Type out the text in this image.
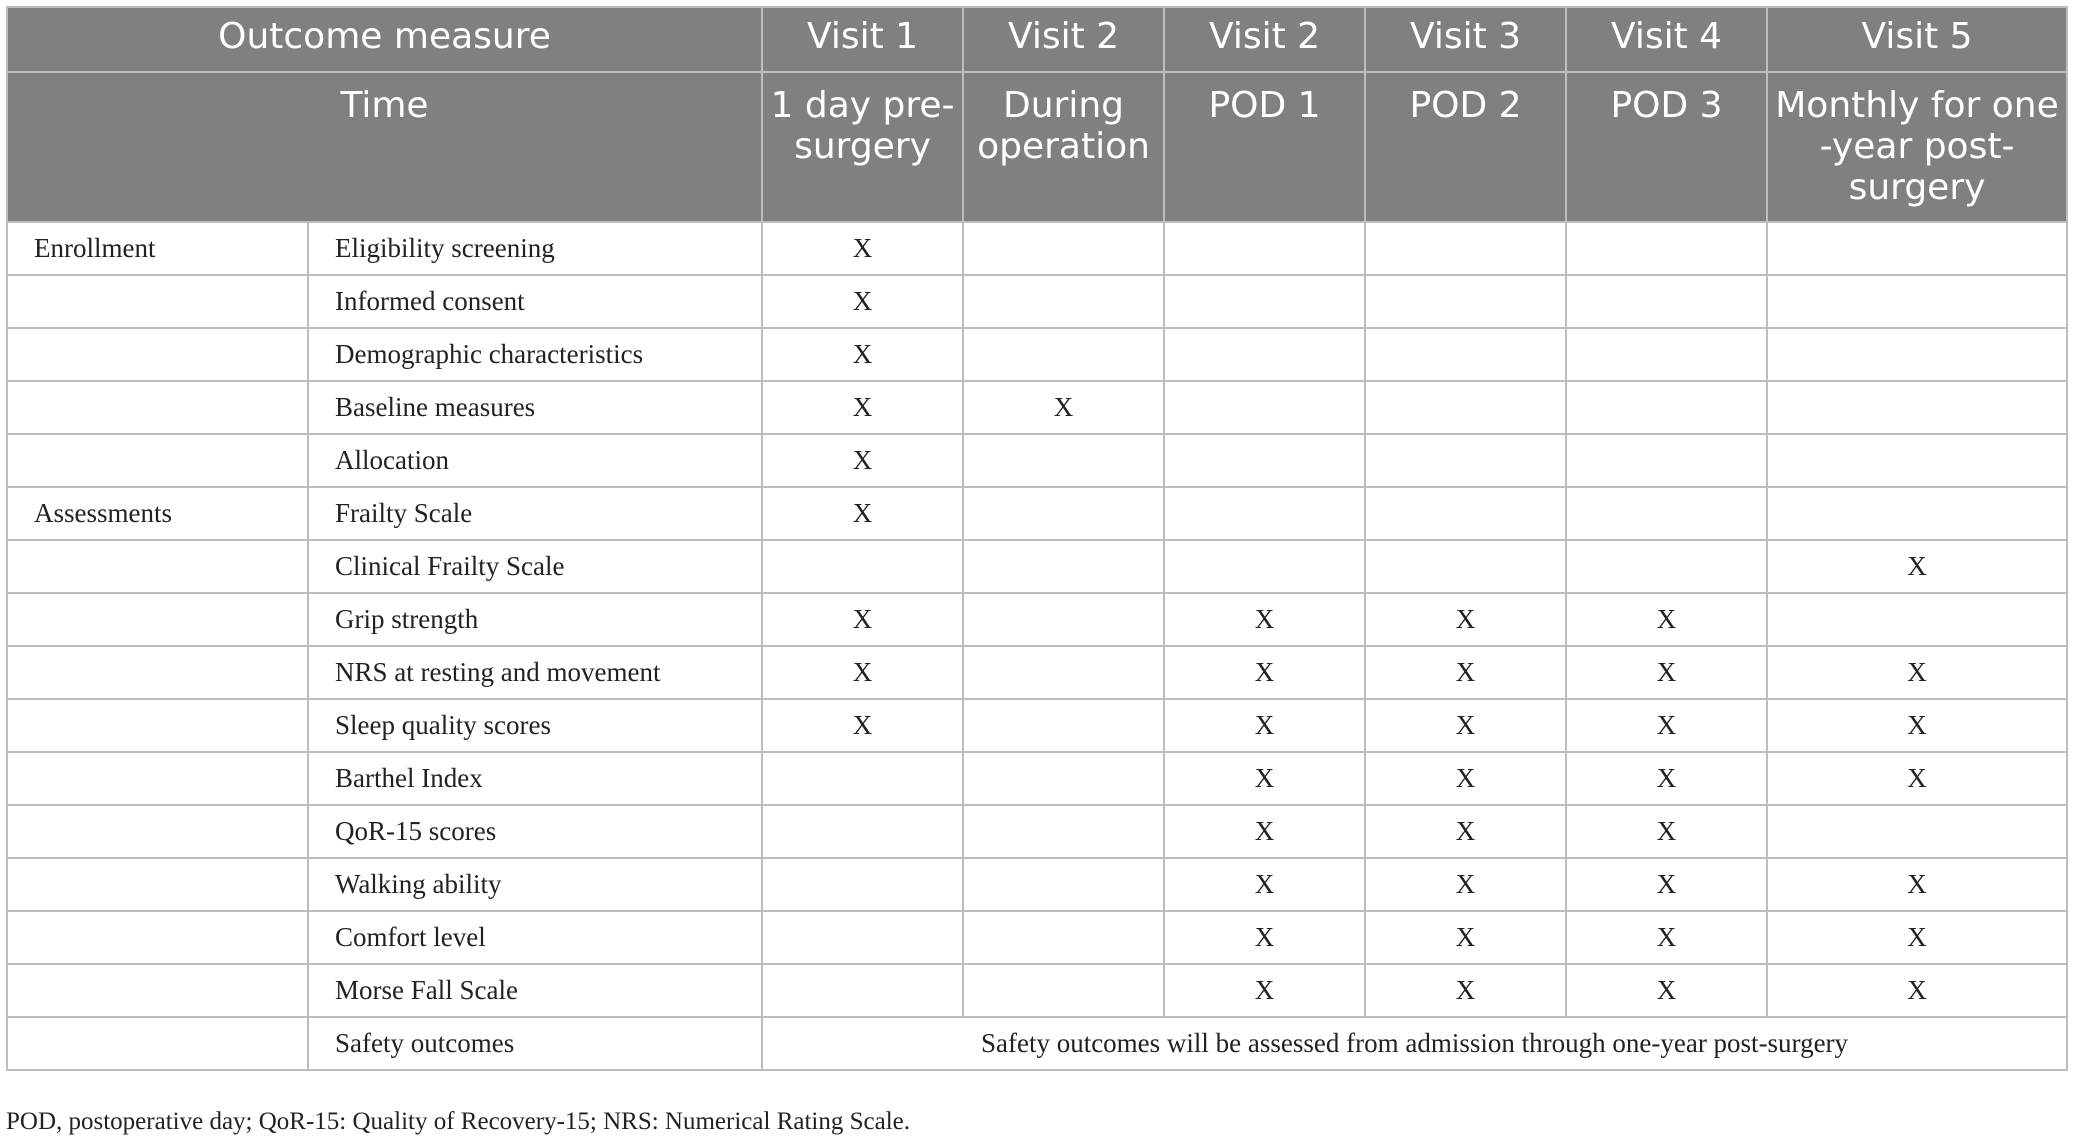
Outcome measure		Visit 1	Visit 2	Visit 2	Visit 3	Visit 4	Visit 5
Time		1 day pre-surgery	During operation	POD 1	POD 2	POD 3	Monthly for one -year post-surgery
Enrollment	Eligibility screening	X					
	Informed consent	X					
	Demographic characteristics	X					
	Baseline measures	X	X				
	Allocation	X					
Assessments	Frailty Scale	X					
	Clinical Frailty Scale						X
	Grip strength	X		X	X	X	
	NRS at resting and movement	X		X	X	X	X
	Sleep quality scores	X		X	X	X	X
	Barthel Index			X	X	X	X
	QoR-15 scores			X	X	X	
	Walking ability			X	X	X	X
	Comfort level			X	X	X	X
	Morse Fall Scale			X	X	X	X
	Safety outcomes	Safety outcomes will be assessed from admission through one-year post-surgery					
POD, postoperative day; QoR-15: Quality of Recovery-15; NRS: Numerical Rating Scale.
